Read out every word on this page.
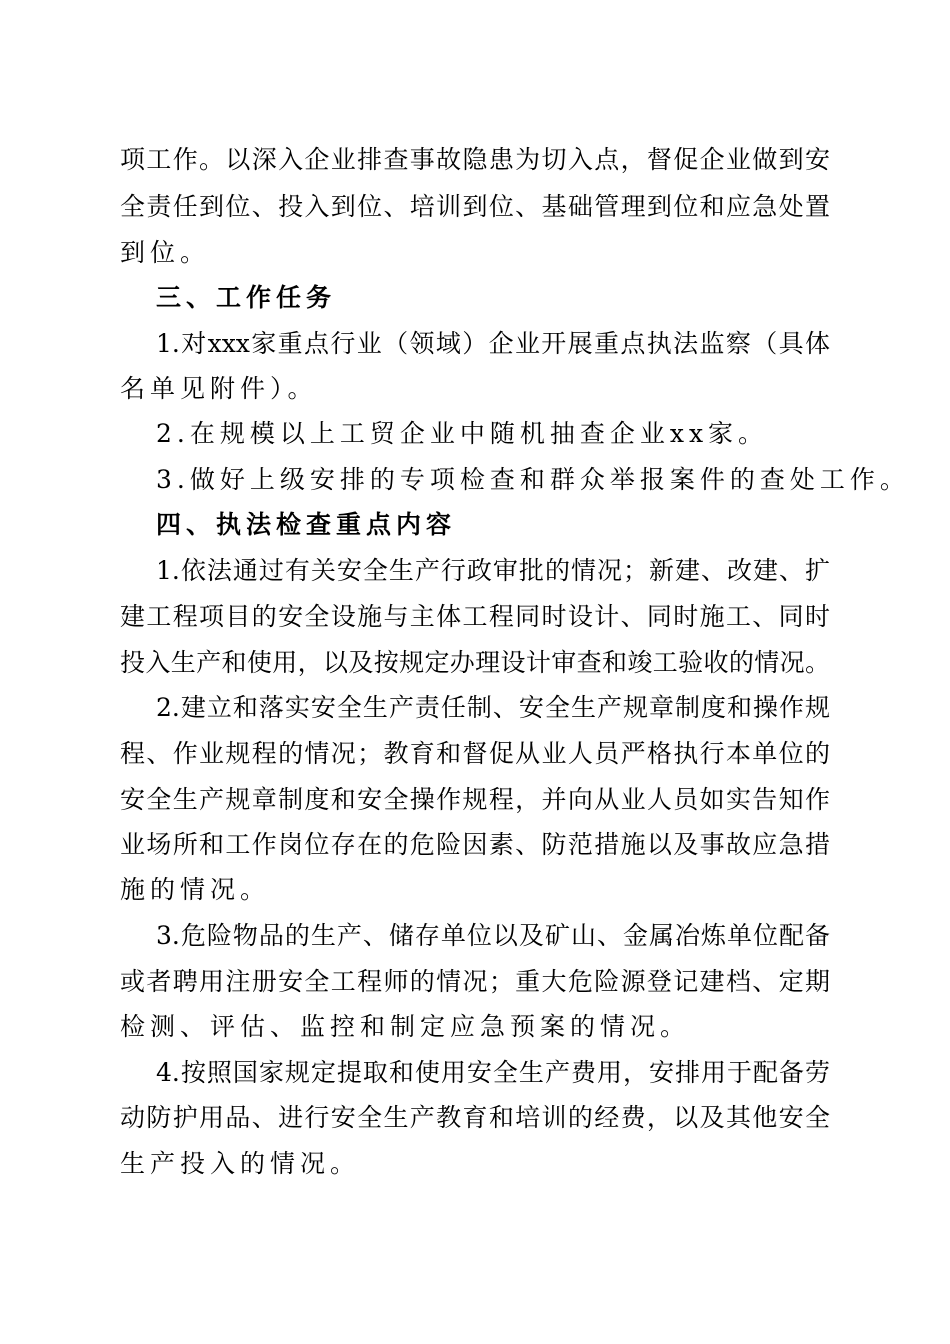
项工作。以深入企业排查事故隐患为切入点，督促企业做到安
全责任到位、投入到位、培训到位、基础管理到位和应急处置
到位。
三、工作任务
1.对xxx家重点行业（领域）企业开展重点执法监察（具体
名单见附件）。
2.在规模以上工贸企业中随机抽查企业xx家。
3.做好上级安排的专项检查和群众举报案件的查处工作。
四、执法检查重点内容
1.依法通过有关安全生产行政审批的情况；新建、改建、扩
建工程项目的安全设施与主体工程同时设计、同时施工、同时
投入生产和使用，以及按规定办理设计审查和竣工验收的情况。
2.建立和落实安全生产责任制、安全生产规章制度和操作规
程、作业规程的情况；教育和督促从业人员严格执行本单位的
安全生产规章制度和安全操作规程，并向从业人员如实告知作
业场所和工作岗位存在的危险因素、防范措施以及事故应急措
施的情况。
3.危险物品的生产、储存单位以及矿山、金属冶炼单位配备
或者聘用注册安全工程师的情况；重大危险源登记建档、定期
检测、评估、监控和制定应急预案的情况。
4.按照国家规定提取和使用安全生产费用，安排用于配备劳
动防护用品、进行安全生产教育和培训的经费，以及其他安全
生产投入的情况。
